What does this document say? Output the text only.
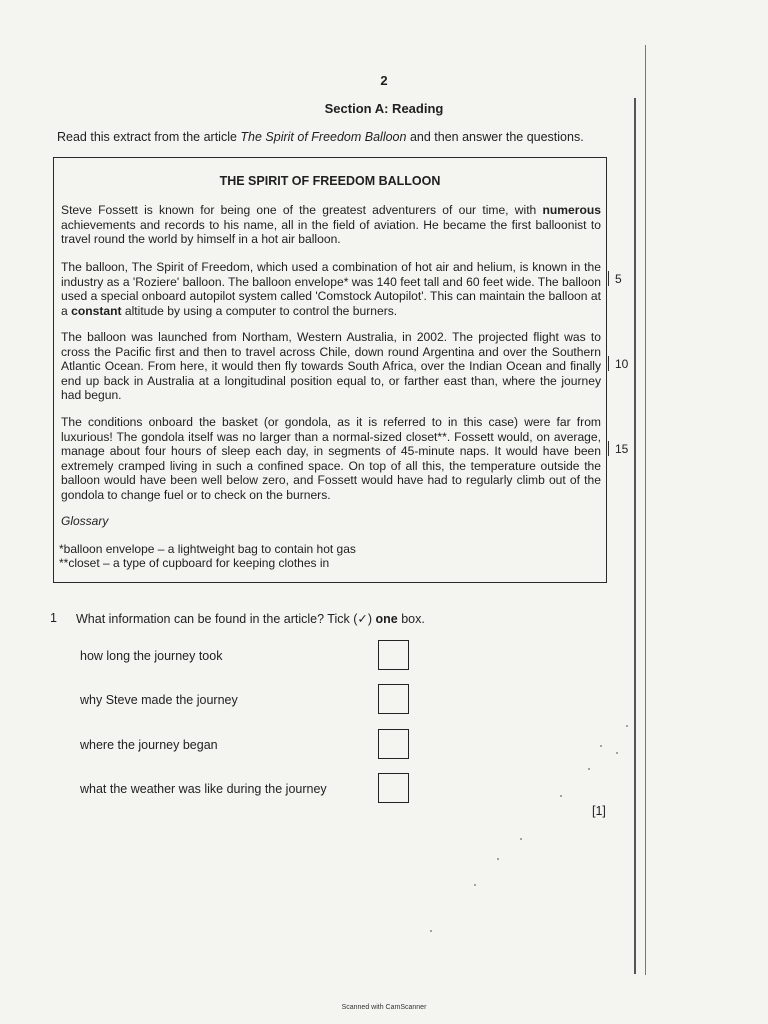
2
Section A: Reading
Read this extract from the article The Spirit of Freedom Balloon and then answer the questions.
THE SPIRIT OF FREEDOM BALLOON
Steve Fossett is known for being one of the greatest adventurers of our time, with numerous achievements and records to his name, all in the field of aviation. He became the first balloonist to travel round the world by himself in a hot air balloon.
The balloon, The Spirit of Freedom, which used a combination of hot air and helium, is known in the industry as a 'Roziere' balloon. The balloon envelope* was 140 feet tall and 60 feet wide. The balloon used a special onboard autopilot system called 'Comstock Autopilot'. This can maintain the balloon at a constant altitude by using a computer to control the burners.
The balloon was launched from Northam, Western Australia, in 2002. The projected flight was to cross the Pacific first and then to travel across Chile, down round Argentina and over the Southern Atlantic Ocean. From here, it would then fly towards South Africa, over the Indian Ocean and finally end up back in Australia at a longitudinal position equal to, or farther east than, where the journey had begun.
The conditions onboard the basket (or gondola, as it is referred to in this case) were far from luxurious! The gondola itself was no larger than a normal-sized closet**. Fossett would, on average, manage about four hours of sleep each day, in segments of 45-minute naps. It would have been extremely cramped living in such a confined space. On top of all this, the temperature outside the balloon would have been well below zero, and Fossett would have had to regularly climb out of the gondola to change fuel or to check on the burners.
5
10
15
Glossary
*balloon envelope – a lightweight bag to contain hot gas
**closet – a type of cupboard for keeping clothes in
1 What information can be found in the article? Tick (✓) one box.
how long the journey took
why Steve made the journey
where the journey began
what the weather was like during the journey
[1]
Scanned with CamScanner
